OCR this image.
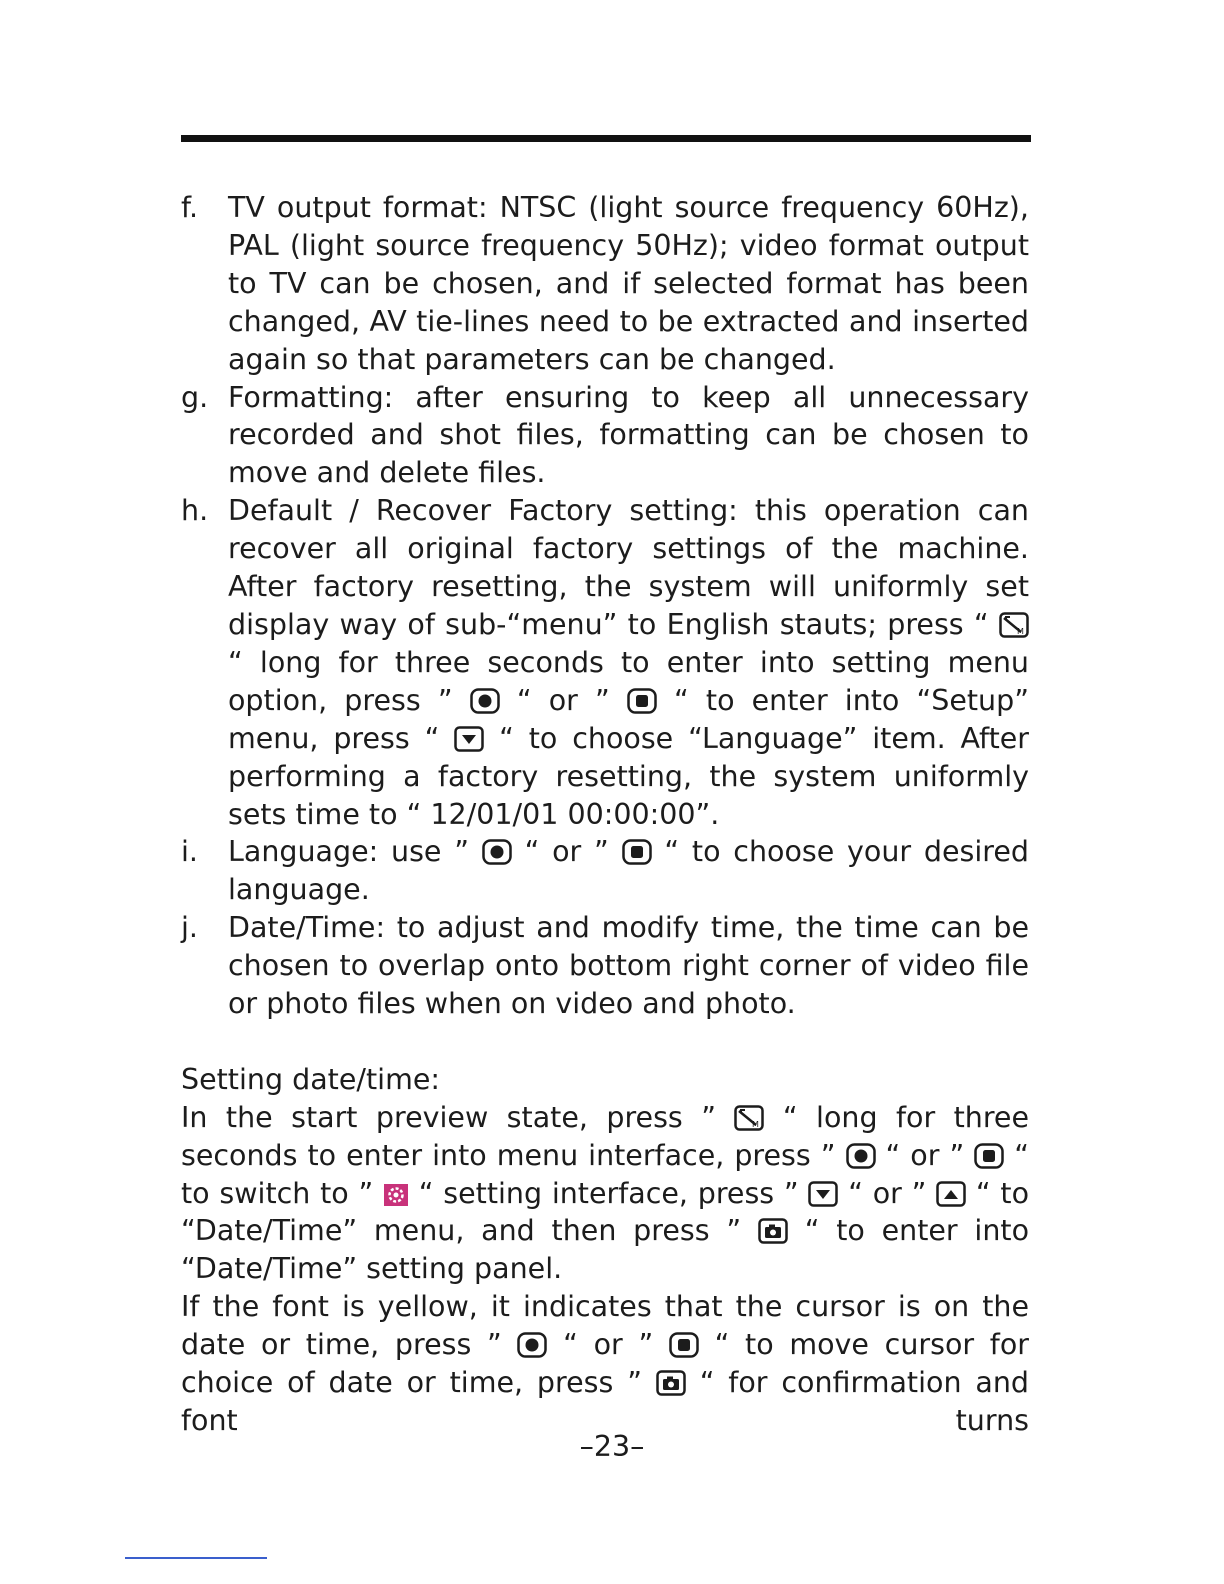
f. TV output format: NTSC (light source frequency 60Hz), PAL (light source frequency 50Hz); video format output to TV can be chosen, and if selected format has been changed, AV tie-lines need to be extracted and inserted again so that parameters can be changed.
g. Formatting: after ensuring to keep all unnecessary recorded and shot files, formatting can be chosen to move and delete files.
h. Default / Recover Factory setting: this operation can recover all original factory settings of the machine. After factory resetting, the system will uniformly set display way of sub-“menu” to English stauts; press “ M
“ long for three seconds to enter into setting menu option, press ”  “ or ”  “ to enter into “Setup” menu, press “  “ to choose “Language” item. After performing a factory resetting, the system uniformly sets time to “ 12/01/01 00:00:00”.
i. Language: use ”  “ or ”  “ to choose your desired language.
j. Date/Time: to adjust and modify time, the time can be chosen to overlap onto bottom right corner of video file or photo files when on video and photo.
Setting date/time:
In the start preview state, press ”	M “ long for three seconds to enter into menu interface, press ”  “ or ”  “ to switch to ”  “ setting interface, press ”  “ or ”  “ to “Date/Time” menu, and then press ”  “ to enter into “Date/Time” setting panel.
If the font is yellow, it indicates that the cursor is on the date or time, press ”  “ or ”  “ to move cursor for choice of date or time, press ”  “ for confirmation and font turns
–23–
